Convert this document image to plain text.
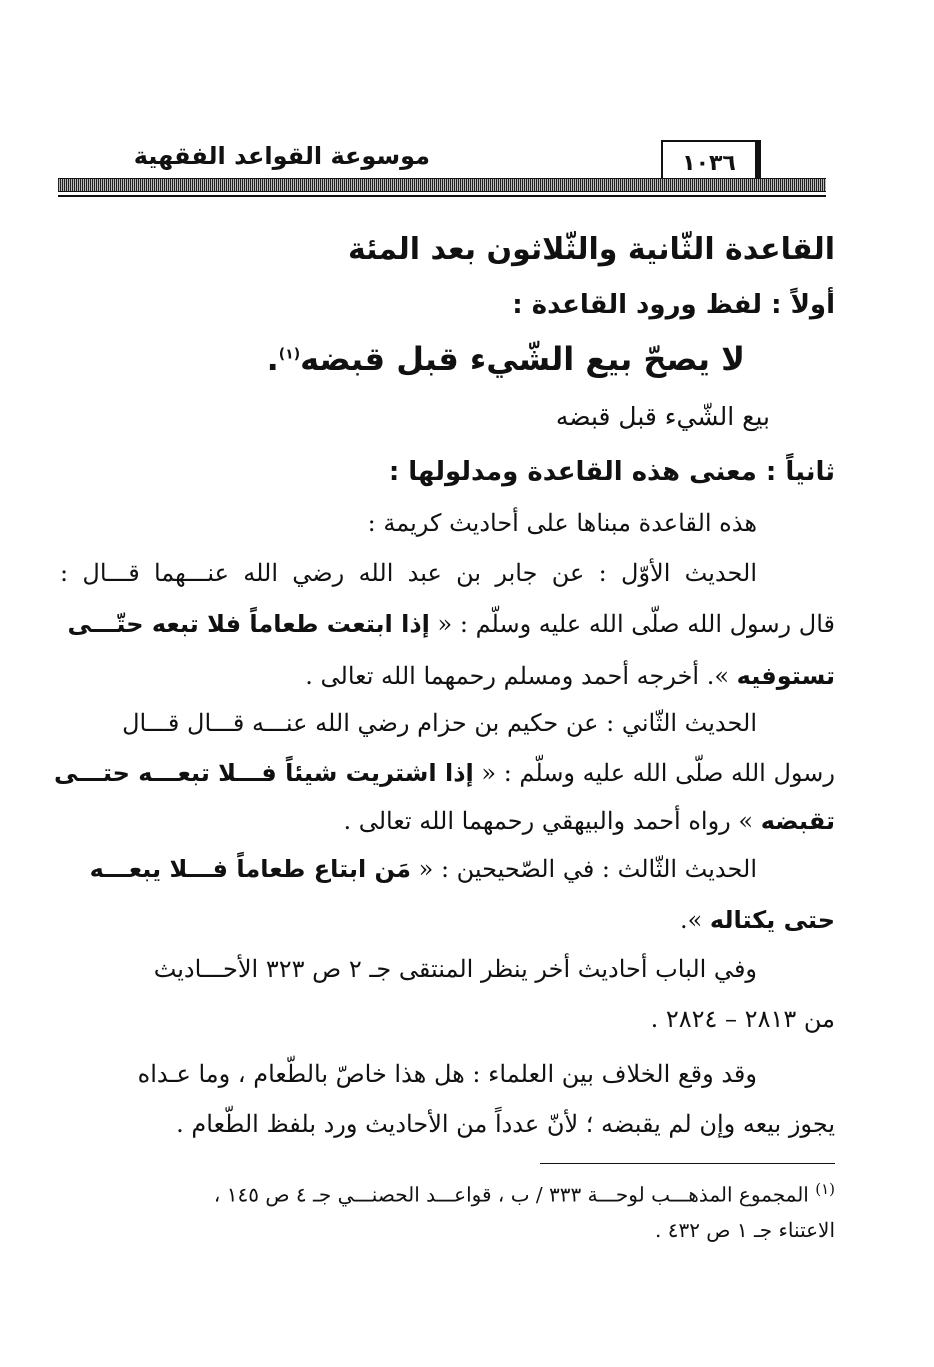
موسوعة القواعد الفقهية	١٠٣٦
القاعدة الثّانية والثّلاثون بعد المئة
أولاً : لفظ ورود القاعدة :
لا يصحّ بيع الشّيء قبل قبضه$^{(١)}$.
بيع الشّيء قبل قبضه
ثانياً : معنى هذه القاعدة ومدلولها :
هذه القاعدة مبناها على أحاديث كريمة :
الحديث الأوّل : عن جابر بن عبد الله رضي الله عنـــهما قـــال :
قال رسول الله صلّى الله عليه وسلّم : « إذا ابتعت طعاماً فلا تبعه حتّـــى
تستوفيه ». أخرجه أحمد ومسلم رحمهما الله تعالى .
الحديث الثّاني : عن حكيم بن حزام رضي الله عنـــه قـــال قـــال
رسول الله صلّى الله عليه وسلّم : « إذا اشتريت شيئاً فـــلا تبعـــه حتـــى
تقبضه » رواه أحمد والبيهقي رحمهما الله تعالى .
الحديث الثّالث : في الصّحيحين : « مَن ابتاع طعاماً فـــلا يبعـــه
حتى يكتاله ».
وفي الباب أحاديث أخر ينظر المنتقى جـ ٢ ص ٣٢٣ الأحـــاديث
من ٢٨١٣ – ٢٨٢٤ .
وقد وقع الخلاف بين العلماء : هل هذا خاصّ بالطّعام ، وما عـداه
يجوز بيعه وإن لم يقبضه ؛ لأنّ عدداً من الأحاديث ورد بلفظ الطّعام .
$^{(١)}$ المجموع المذهـــب لوحـــة ٣٣٣ / ب ، قواعـــد الحصنـــي جـ ٤ ص ١٤٥ ،
الاعتناء جـ ١ ص ٤٣٢ .
